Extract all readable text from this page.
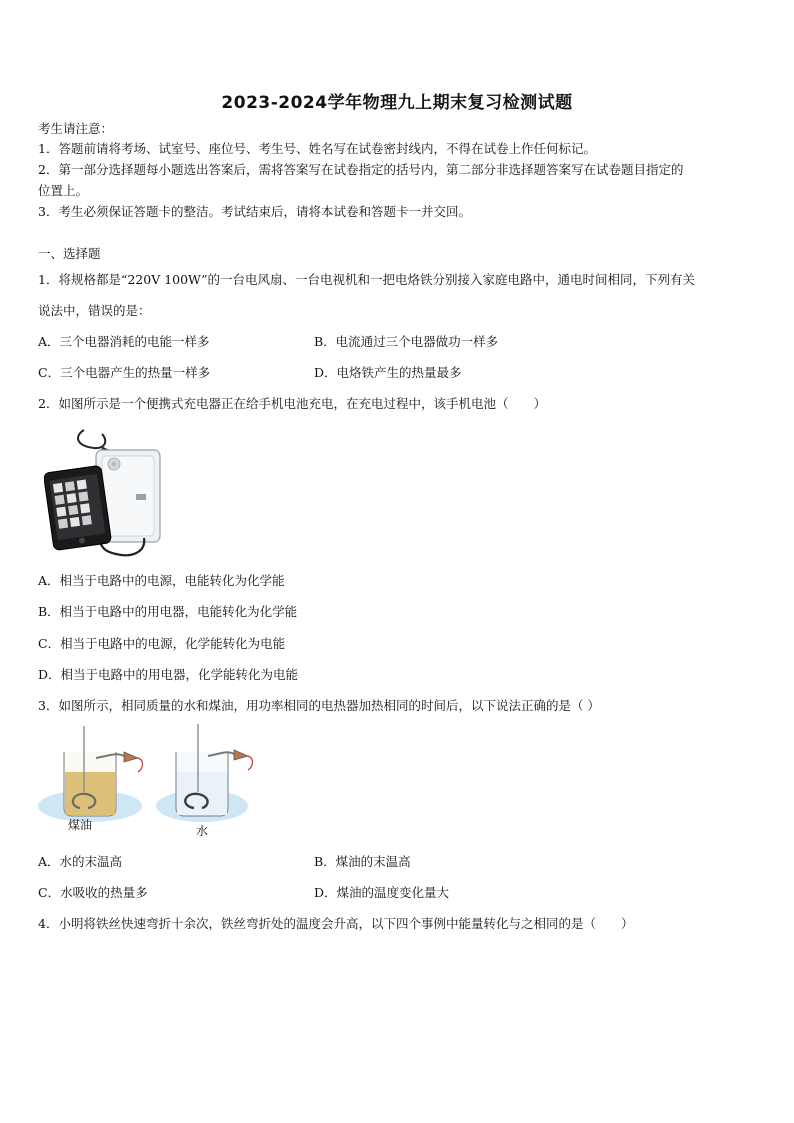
2023-2024学年物理九上期末复习检测试题
考生请注意：
1．答题前请将考场、试室号、座位号、考生号、姓名写在试卷密封线内，不得在试卷上作任何标记。
2．第一部分选择题每小题选出答案后，需将答案写在试卷指定的括号内，第二部分非选择题答案写在试卷题目指定的
位置上。
3．考生必须保证答题卡的整洁。考试结束后，请将本试卷和答题卡一并交回。
一、选择题
1．将规格都是“220V 100W”的一台电风扇、一台电视机和一把电烙铁分别接入家庭电路中，通电时间相同，下列有关
说法中，错误的是：
A．三个电器消耗的电能一样多	B．电流通过三个电器做功一样多
C．三个电器产生的热量一样多	D．电烙铁产生的热量最多
2．如图所示是一个便携式充电器正在给手机电池充电，在充电过程中，该手机电池（　　）
A．相当于电路中的电源，电能转化为化学能
B．相当于电路中的用电器，电能转化为化学能
C．相当于电路中的电源，化学能转化为电能
D．相当于电路中的用电器，化学能转化为电能
3．如图所示，相同质量的水和煤油，用功率相同的电热器加热相同的时间后，以下说法正确的是（ ）
煤油	水
A．水的末温高	B．煤油的末温高
C．水吸收的热量多	D．煤油的温度变化量大
4．小明将铁丝快速弯折十余次，铁丝弯折处的温度会升高，以下四个事例中能量转化与之相同的是（　　）
